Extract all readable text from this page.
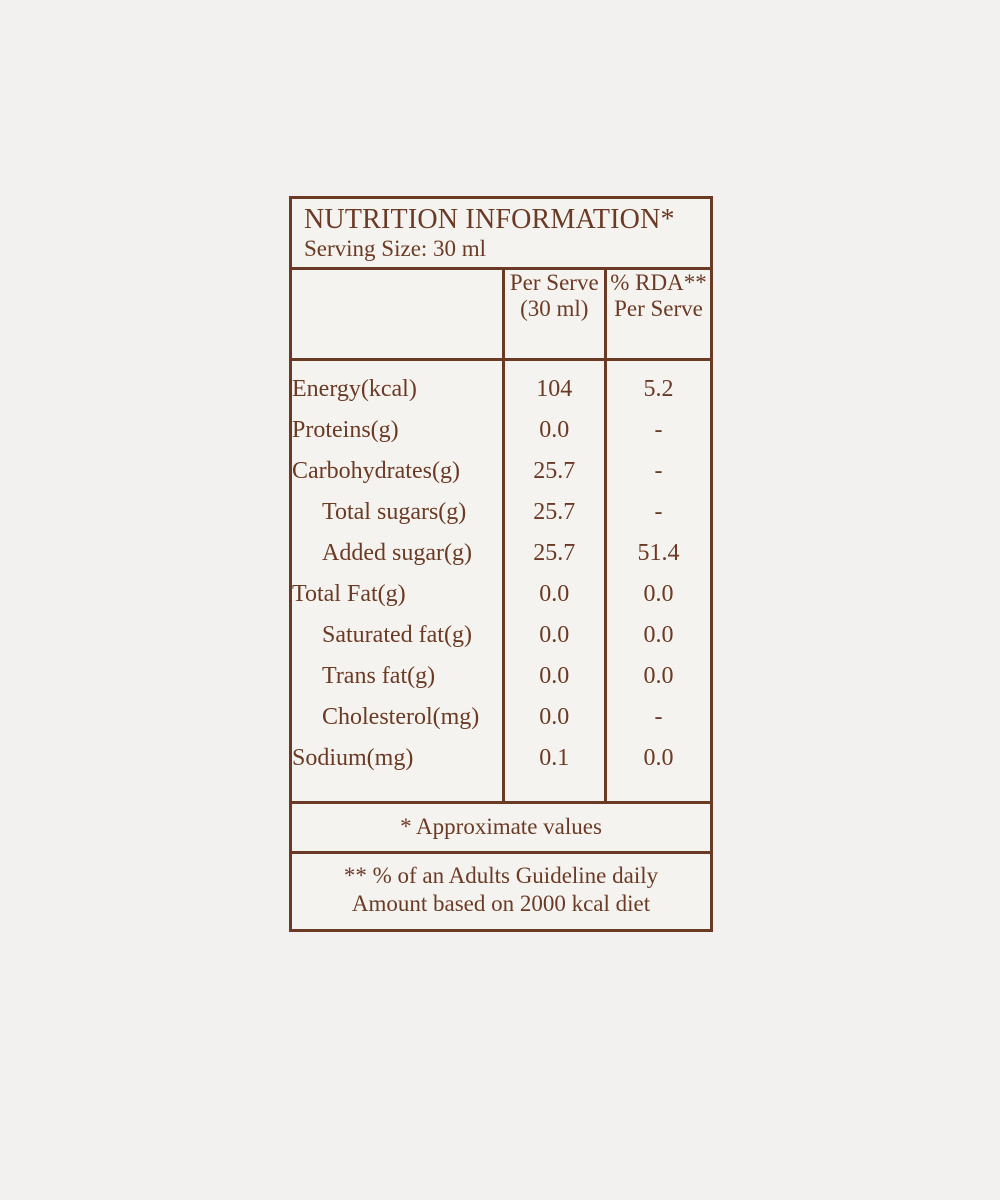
NUTRITION INFORMATION*
Serving Size: 30 ml

Per Serve
(30 ml)

% RDA**
Per Serve

Energy(kcal)	104	5.2
Proteins(g)	0.0	-
Carbohydrates(g)	25.7	-
Total sugars(g)	25.7	-
Added sugar(g)	25.7	51.4
Total Fat(g)	0.0	0.0
Saturated fat(g)	0.0	0.0
Trans fat(g)	0.0	0.0
Cholesterol(mg)	0.0	-
Sodium(mg)	0.1	0.0

* Approximate values
** % of an Adults Guideline daily
Amount based on 2000 kcal diet
